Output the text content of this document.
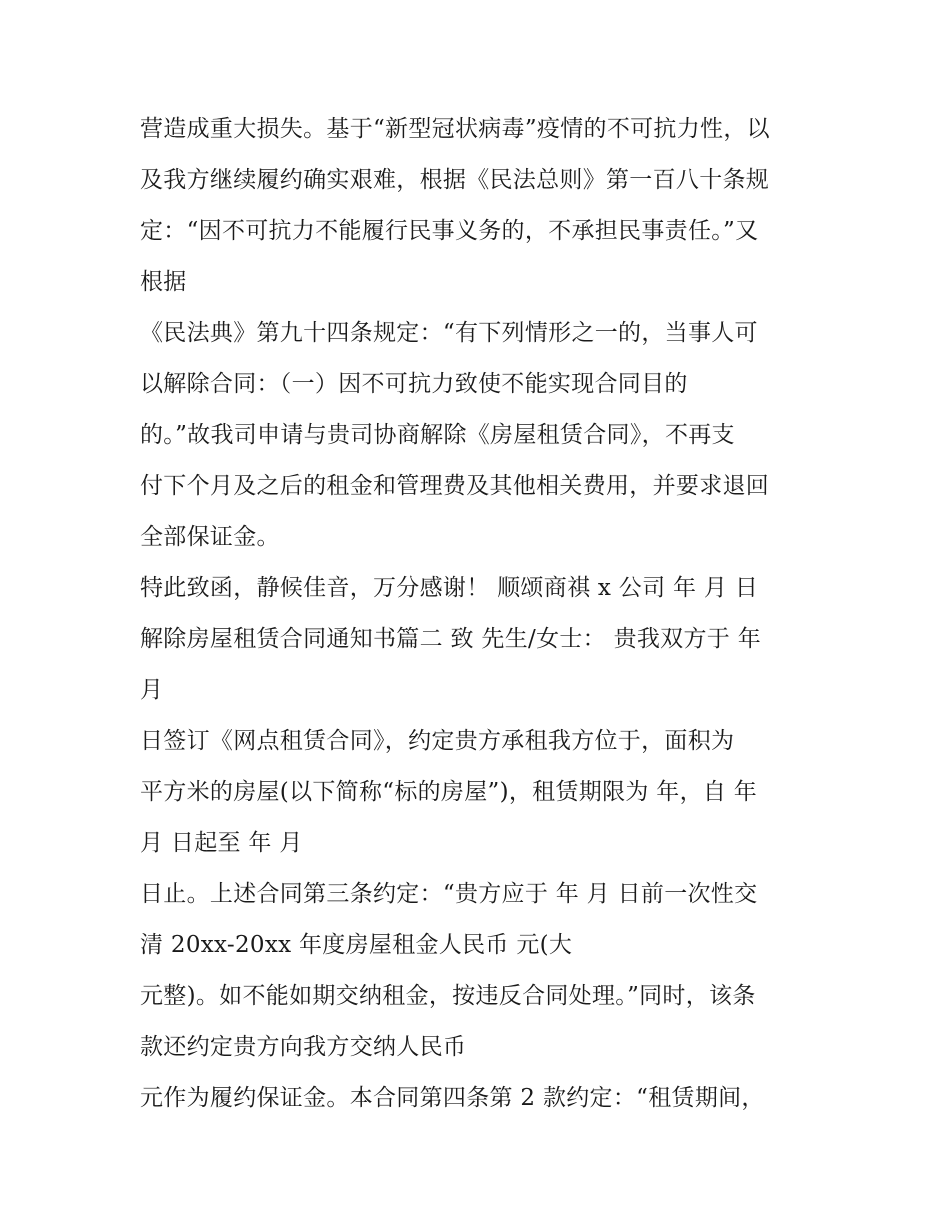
营造成重大损失。基于“新型冠状病毒”疫情的不可抗力性，以
及我方继续履约确实艰难，根据《民法总则》第一百八十条规
定：“因不可抗力不能履行民事义务的，不承担民事责任。”又
根据
《民法典》第九十四条规定：“有下列情形之一的，当事人可
以解除合同：（一）因不可抗力致使不能实现合同目的
的。”故我司申请与贵司协商解除《房屋租赁合同》，不再支
付下个月及之后的租金和管理费及其他相关费用，并要求退回
全部保证金。
特此致函，静候佳音，万分感谢！ 顺颂商祺 x 公司 年 月 日
解除房屋租赁合同通知书篇二 致 先生/女士： 贵我双方于 年
月
日签订《网点租赁合同》，约定贵方承租我方位于，面积为
平方米的房屋(以下简称“标的房屋”)，租赁期限为 年，自 年
月 日起至 年 月
日止。上述合同第三条约定：“贵方应于 年 月 日前一次性交
清 20xx-20xx 年度房屋租金人民币 元(大
元整)。如不能如期交纳租金，按违反合同处理。”同时，该条
款还约定贵方向我方交纳人民币
元作为履约保证金。本合同第四条第 2 款约定：“租赁期间，
